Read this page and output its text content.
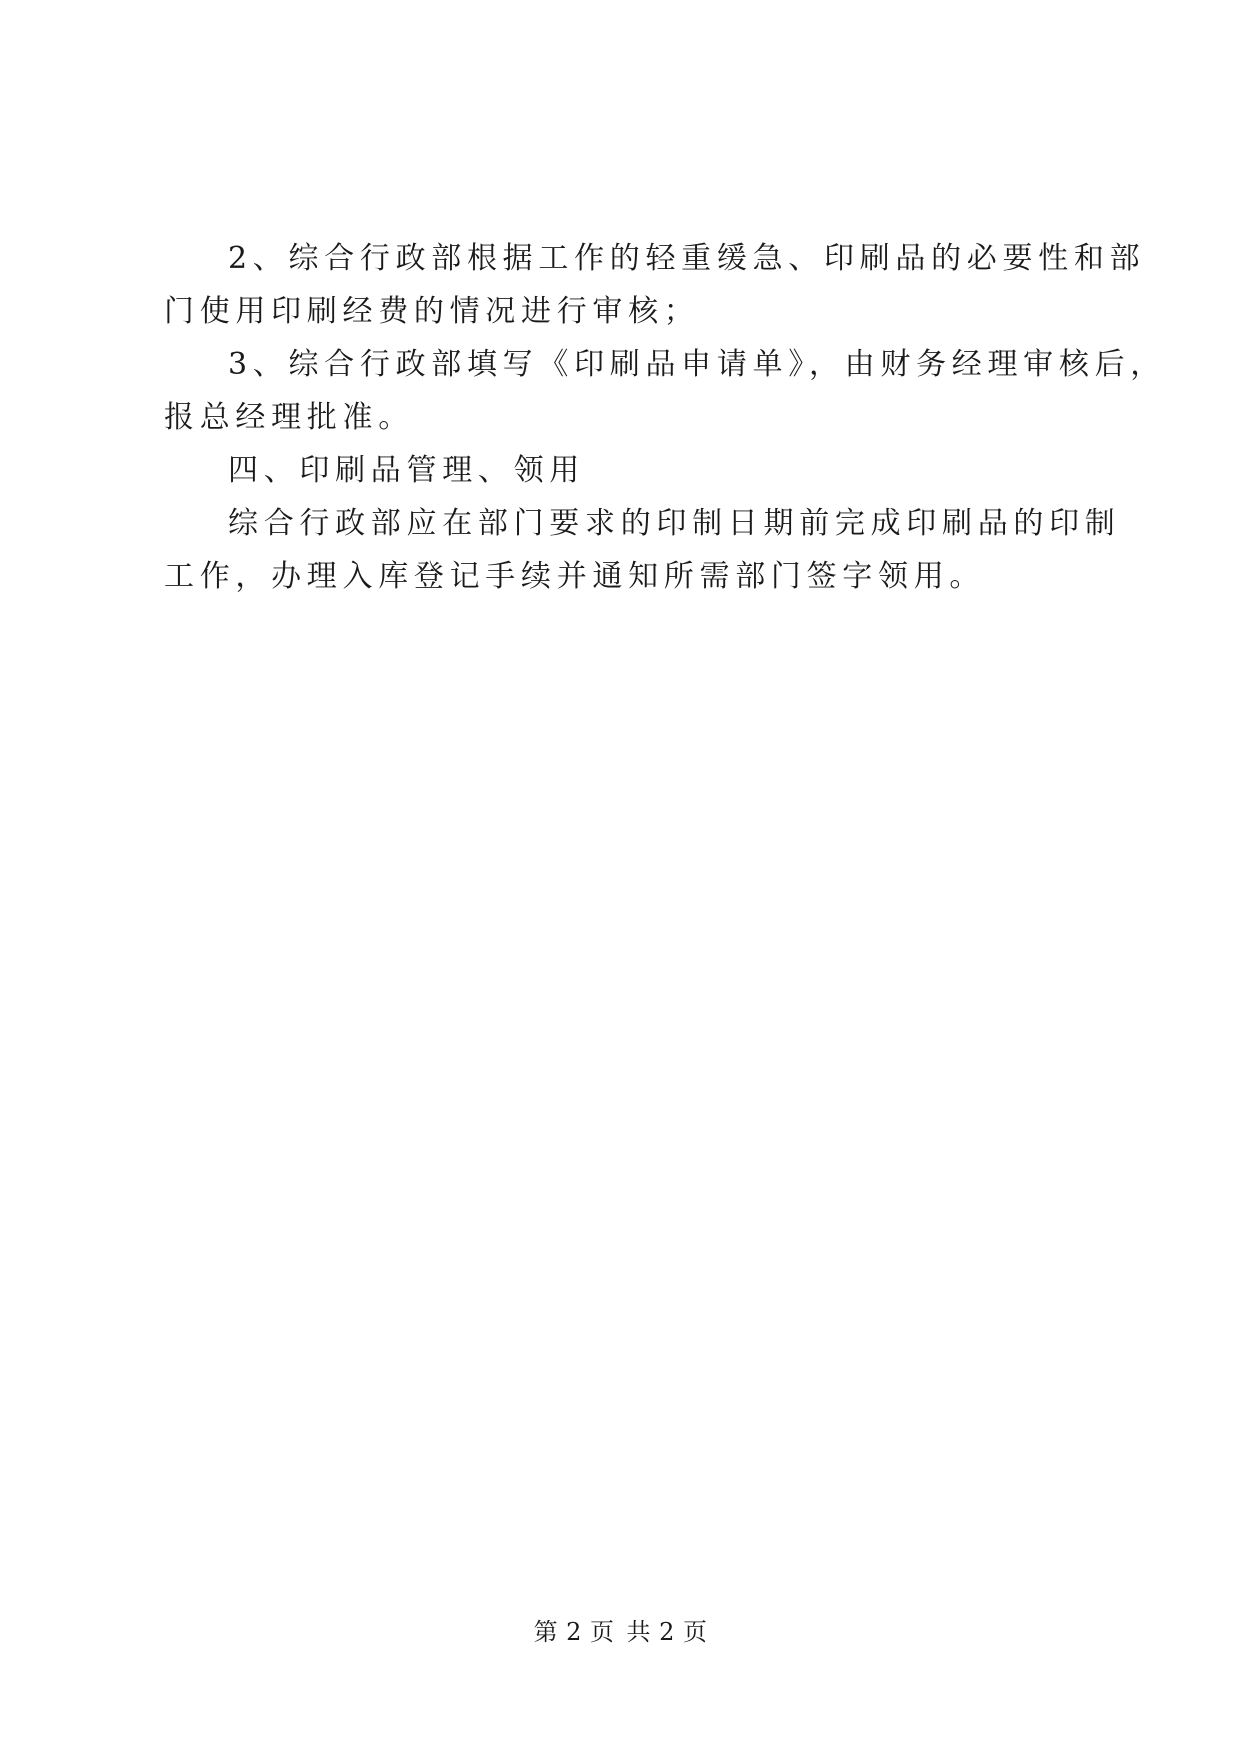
2、综合行政部根据工作的轻重缓急、印刷品的必要性和部
门使用印刷经费的情况进行审核；
3、综合行政部填写《印刷品申请单》，由财务经理审核后，
报总经理批准。
四、印刷品管理、领用
综合行政部应在部门要求的印制日期前完成印刷品的印制
工作，办理入库登记手续并通知所需部门签字领用。
第 2 页 共 2 页
